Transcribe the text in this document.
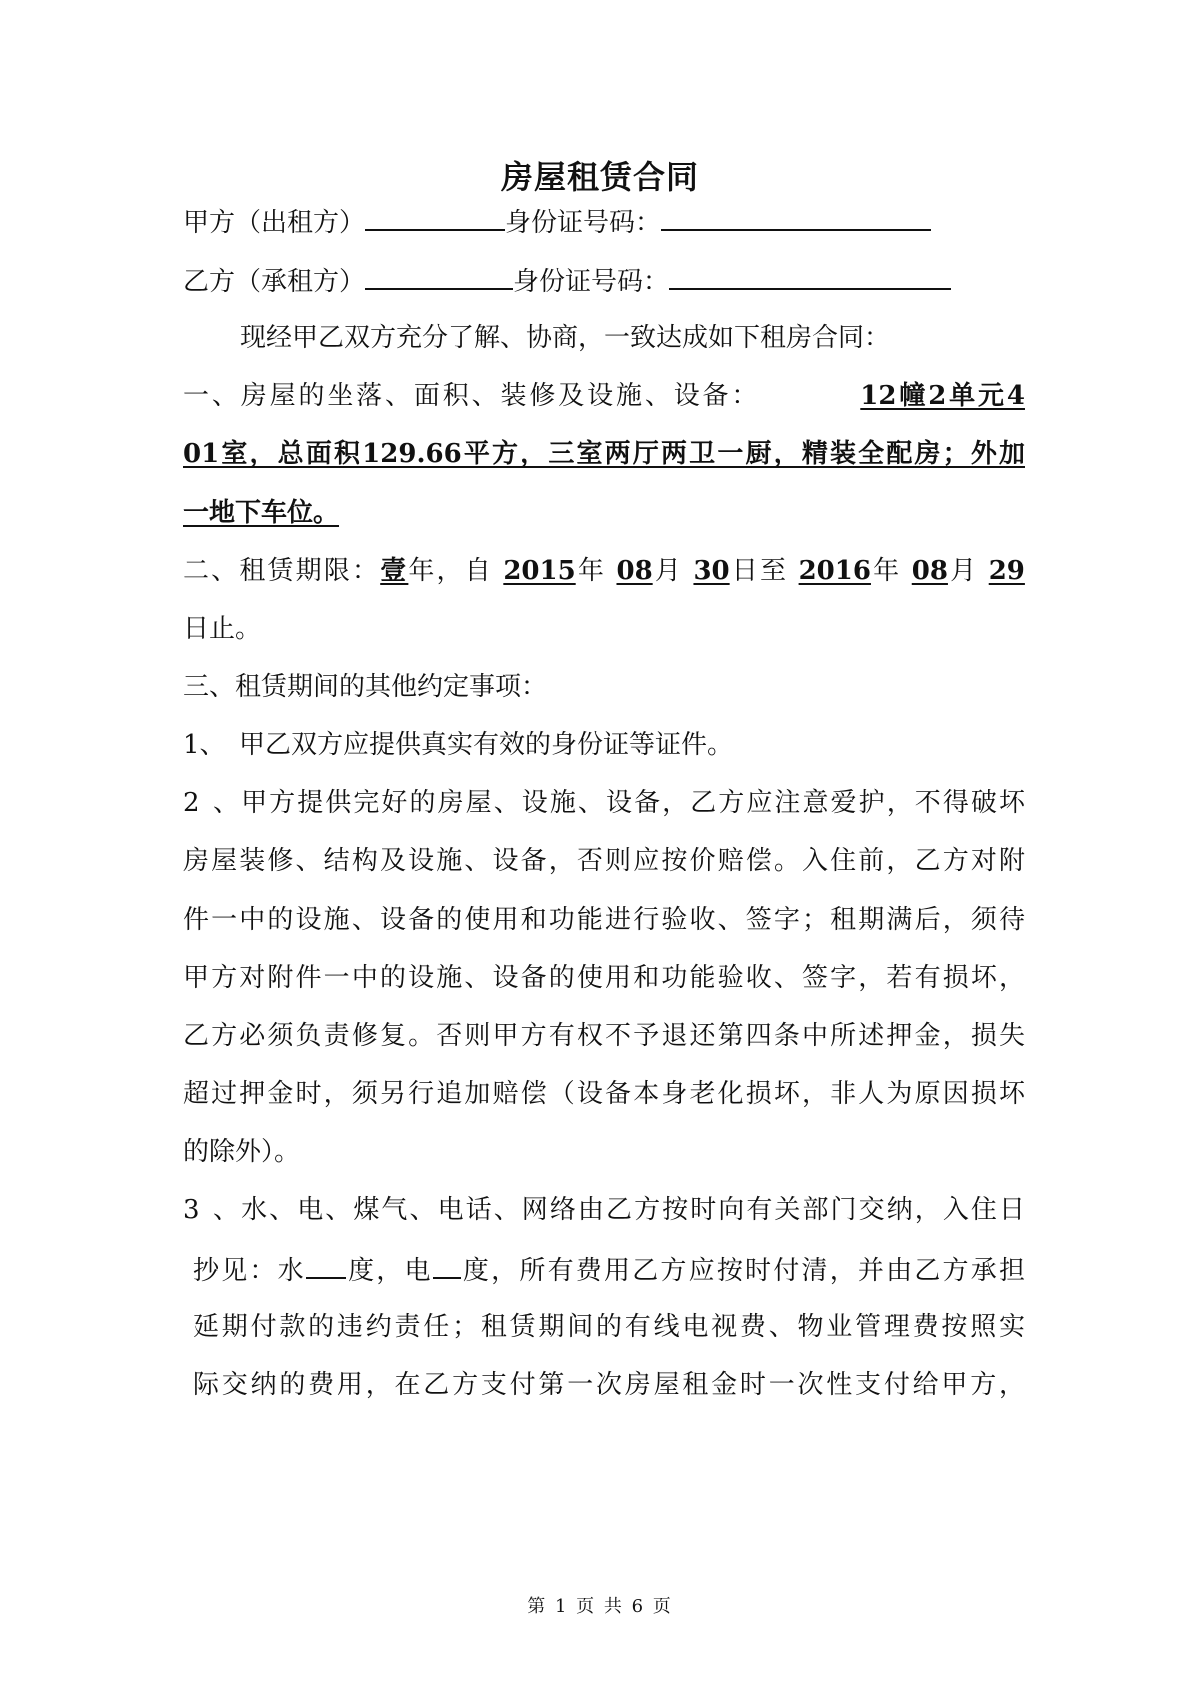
房屋租赁合同
甲方（出租方）	身份证号码：
乙方（承租方）	身份证号码：
现经甲乙双方充分了解、协商，一致达成如下租房合同：
一、房屋的坐落、面积、装修及设施、设备：	12幢2单元4
01室，总面积129.66平方，三室两厅两卫一厨，精装全配房；外加
一地下车位。
二、租赁期限：壹年，自 2015年 08月 30日至 2016年 08月 29
日止。
三、租赁期间的其他约定事项：
1、 甲乙双方应提供真实有效的身份证等证件。
2、甲方提供完好的房屋、设施、设备，乙方应注意爱护，不得破坏
房屋装修、结构及设施、设备，否则应按价赔偿。入住前，乙方对附
件一中的设施、设备的使用和功能进行验收、签字；租期满后，须待
甲方对附件一中的设施、设备的使用和功能验收、签字，若有损坏，
乙方必须负责修复。否则甲方有权不予退还第四条中所述押金，损失
超过押金时，须另行追加赔偿（设备本身老化损坏，非人为原因损坏
的除外）。
3、水、电、煤气、电话、网络由乙方按时向有关部门交纳，入住日
抄见：水 度，电 度，所有费用乙方应按时付清，并由乙方承担
延期付款的违约责任；租赁期间的有线电视费、物业管理费按照实
际交纳的费用，在乙方支付第一次房屋租金时一次性支付给甲方，
第 1 页 共 6 页
